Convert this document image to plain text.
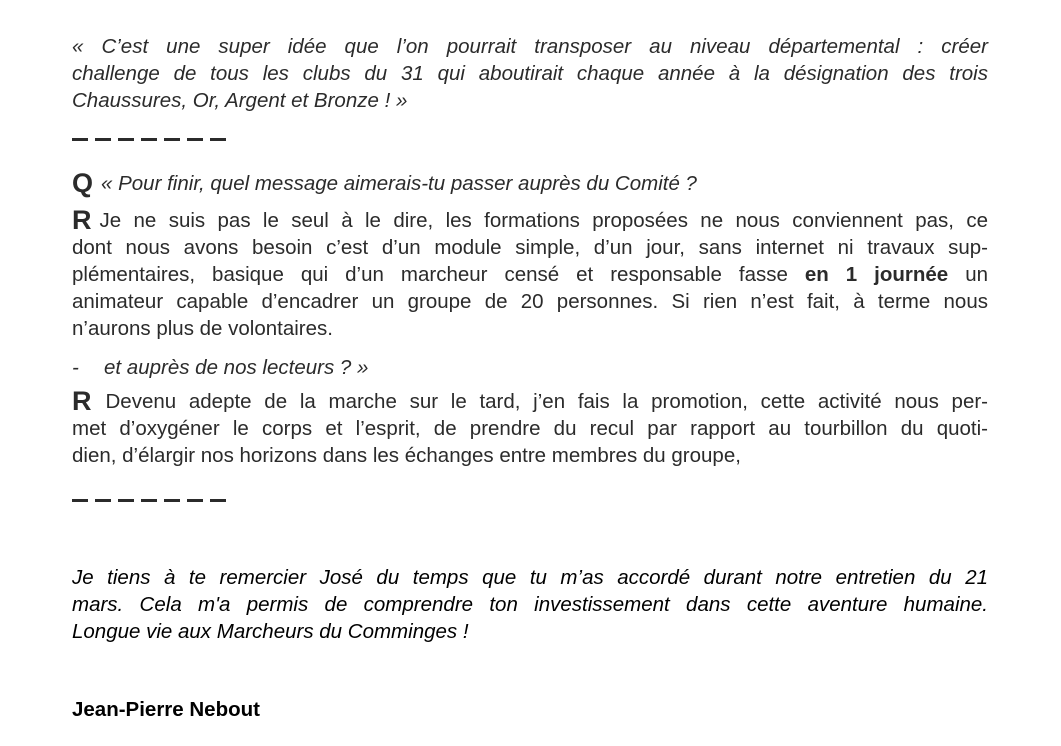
« C’est une super idée que l’on pourrait transposer au niveau départemental : créer
challenge de tous les clubs du 31 qui aboutirait chaque année à la désignation des trois
Chaussures, Or, Argent et Bronze ! »
Q « Pour finir, quel message aimerais-tu passer auprès du Comité ?
R Je ne suis pas le seul à le dire, les formations proposées ne nous conviennent pas, ce
dont nous avons besoin c’est d’un module simple, d’un jour, sans internet ni travaux sup-
plémentaires, basique qui d’un marcheur censé et responsable fasse en 1 journée un
animateur capable d’encadrer un groupe de 20 personnes. Si rien n’est fait, à terme nous
n’aurons plus de volontaires.
- et auprès de nos lecteurs ? »
R Devenu adepte de la marche sur le tard, j’en fais la promotion, cette activité nous per-
met d’oxygéner le corps et l’esprit, de prendre du recul par rapport au tourbillon du quoti-
dien, d’élargir nos horizons dans les échanges entre membres du groupe,
Je tiens à te remercier José du temps que tu m’as accordé durant notre entretien du 21
mars. Cela m'a permis de comprendre ton investissement dans cette aventure humaine.
Longue vie aux Marcheurs du Comminges !
Jean-Pierre Nebout
